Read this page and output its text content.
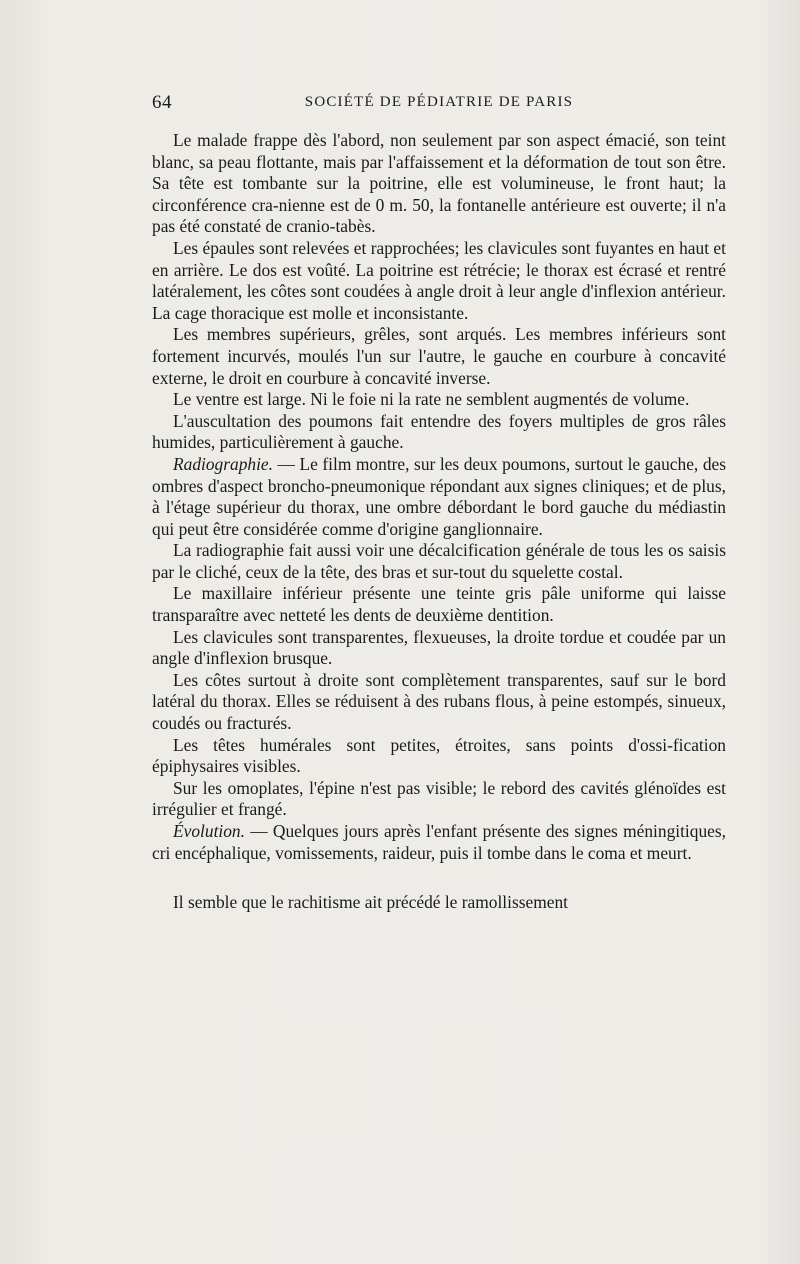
64	SOCIÉTÉ DE PÉDIATRIE DE PARIS

Le malade frappe dès l'abord, non seulement par son aspect émacié, son teint blanc, sa peau flottante, mais par l'affaissement et la déformation de tout son être. Sa tête est tombante sur la poitrine, elle est volumineuse, le front haut; la circonférence cra-nienne est de 0 m. 50, la fontanelle antérieure est ouverte; il n'a pas été constaté de cranio-tabès.

Les épaules sont relevées et rapprochées; les clavicules sont fuyantes en haut et en arrière. Le dos est voûté. La poitrine est rétrécie; le thorax est écrasé et rentré latéralement, les côtes sont coudées à angle droit à leur angle d'inflexion antérieur. La cage thoracique est molle et inconsistante.

Les membres supérieurs, grêles, sont arqués. Les membres inférieurs sont fortement incurvés, moulés l'un sur l'autre, le gauche en courbure à concavité externe, le droit en courbure à concavité inverse.

Le ventre est large. Ni le foie ni la rate ne semblent augmentés de volume.

L'auscultation des poumons fait entendre des foyers multiples de gros râles humides, particulièrement à gauche.

Radiographie. — Le film montre, sur les deux poumons, surtout le gauche, des ombres d'aspect broncho-pneumonique répondant aux signes cliniques; et de plus, à l'étage supérieur du thorax, une ombre débordant le bord gauche du médiastin qui peut être considérée comme d'origine ganglionnaire.

La radiographie fait aussi voir une décalcification générale de tous les os saisis par le cliché, ceux de la tête, des bras et sur-tout du squelette costal.

Le maxillaire inférieur présente une teinte gris pâle uniforme qui laisse transparaître avec netteté les dents de deuxième dentition.

Les clavicules sont transparentes, flexueuses, la droite tordue et coudée par un angle d'inflexion brusque.

Les côtes surtout à droite sont complètement transparentes, sauf sur le bord latéral du thorax. Elles se réduisent à des rubans flous, à peine estompés, sinueux, coudés ou fracturés.

Les têtes humérales sont petites, étroites, sans points d'ossi-fication épiphysaires visibles.

Sur les omoplates, l'épine n'est pas visible; le rebord des cavités glénoïdes est irrégulier et frangé.

Évolution. — Quelques jours après l'enfant présente des signes méningitiques, cri encéphalique, vomissements, raideur, puis il tombe dans le coma et meurt.

Il semble que le rachitisme ait précédé le ramollissement
